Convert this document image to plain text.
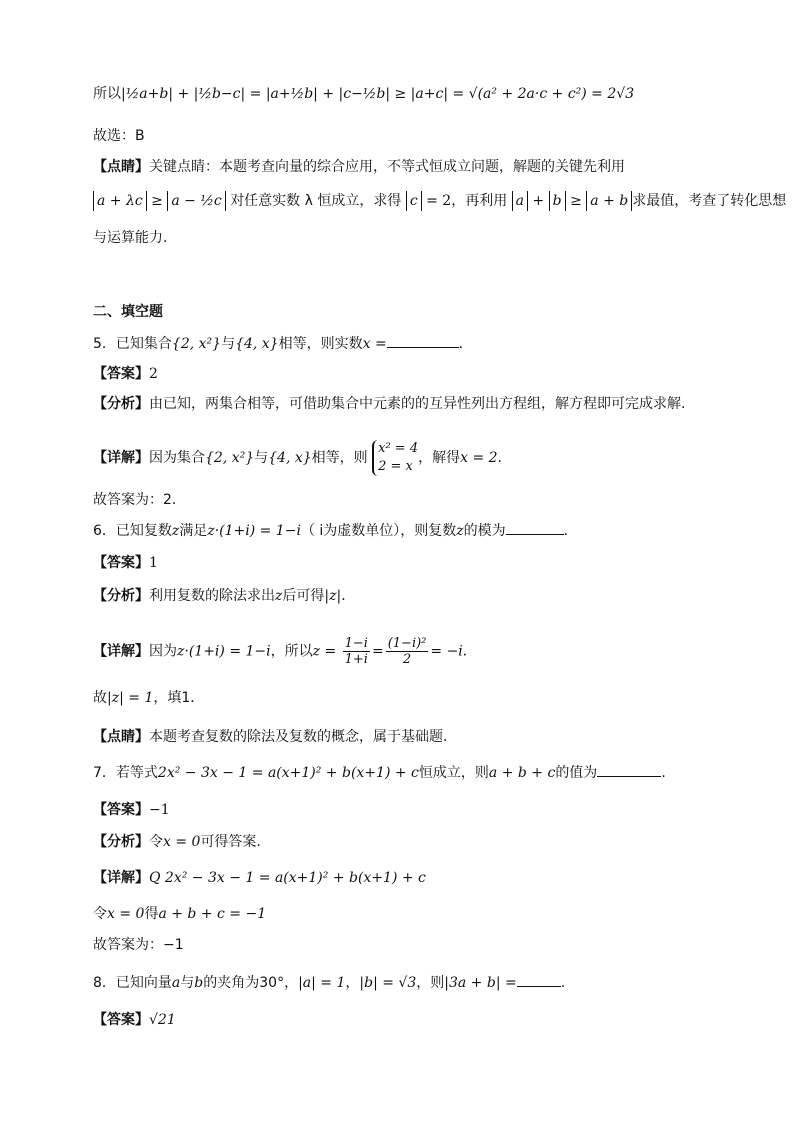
所以|½a+b| + |½b−c| = |a+½b| + |c−½b| ≥ |a+c| = √(a² + 2a·c + c²) = 2√3
故选：B
【点睛】关键点睛：本题考查向量的综合应用，不等式恒成立问题，解题的关键先利用
a + λc ≥ a − ½c 对任意实数 λ 恒成立，求得 c = 2，再利用 a + b ≥ a + b 求最值，考查了转化思想
与运算能力.
二、填空题
5．已知集合{2, x²}与{4, x}相等，则实数x =	．
【答案】2
【分析】由已知，两集合相等，可借助集合中元素的的互异性列出方程组，解方程即可完成求解.
【详解】因为集合{2, x²}与{4, x}相等，则
x² = 4
2 = x
，解得x = 2．
故答案为：2.
6．已知复数z满足z·(1+i) = 1−i（ i为虚数单位），则复数z的模为	．
【答案】1
【分析】利用复数的除法求出z后可得|z|．
【详解】因为z·(1+i) = 1−i，所以$z = \frac{1-i}{1+i} = \frac{\text{(1−i)²}}{2} = -i$．
故|z| = 1，填1．
【点睛】本题考查复数的除法及复数的概念，属于基础题．
7．若等式2x² − 3x − 1 = a(x+1)² + b(x+1) + c恒成立，则a + b + c的值为	.
【答案】−1
【分析】令x = 0可得答案.
【详解】Q 2x² − 3x − 1 = a(x+1)² + b(x+1) + c
令x = 0得a + b + c = −1
故答案为：−1
8．已知向量a与b的夹角为30°，|a| = 1，|b| = √3，则|3a + b| =	.
【答案】√21
